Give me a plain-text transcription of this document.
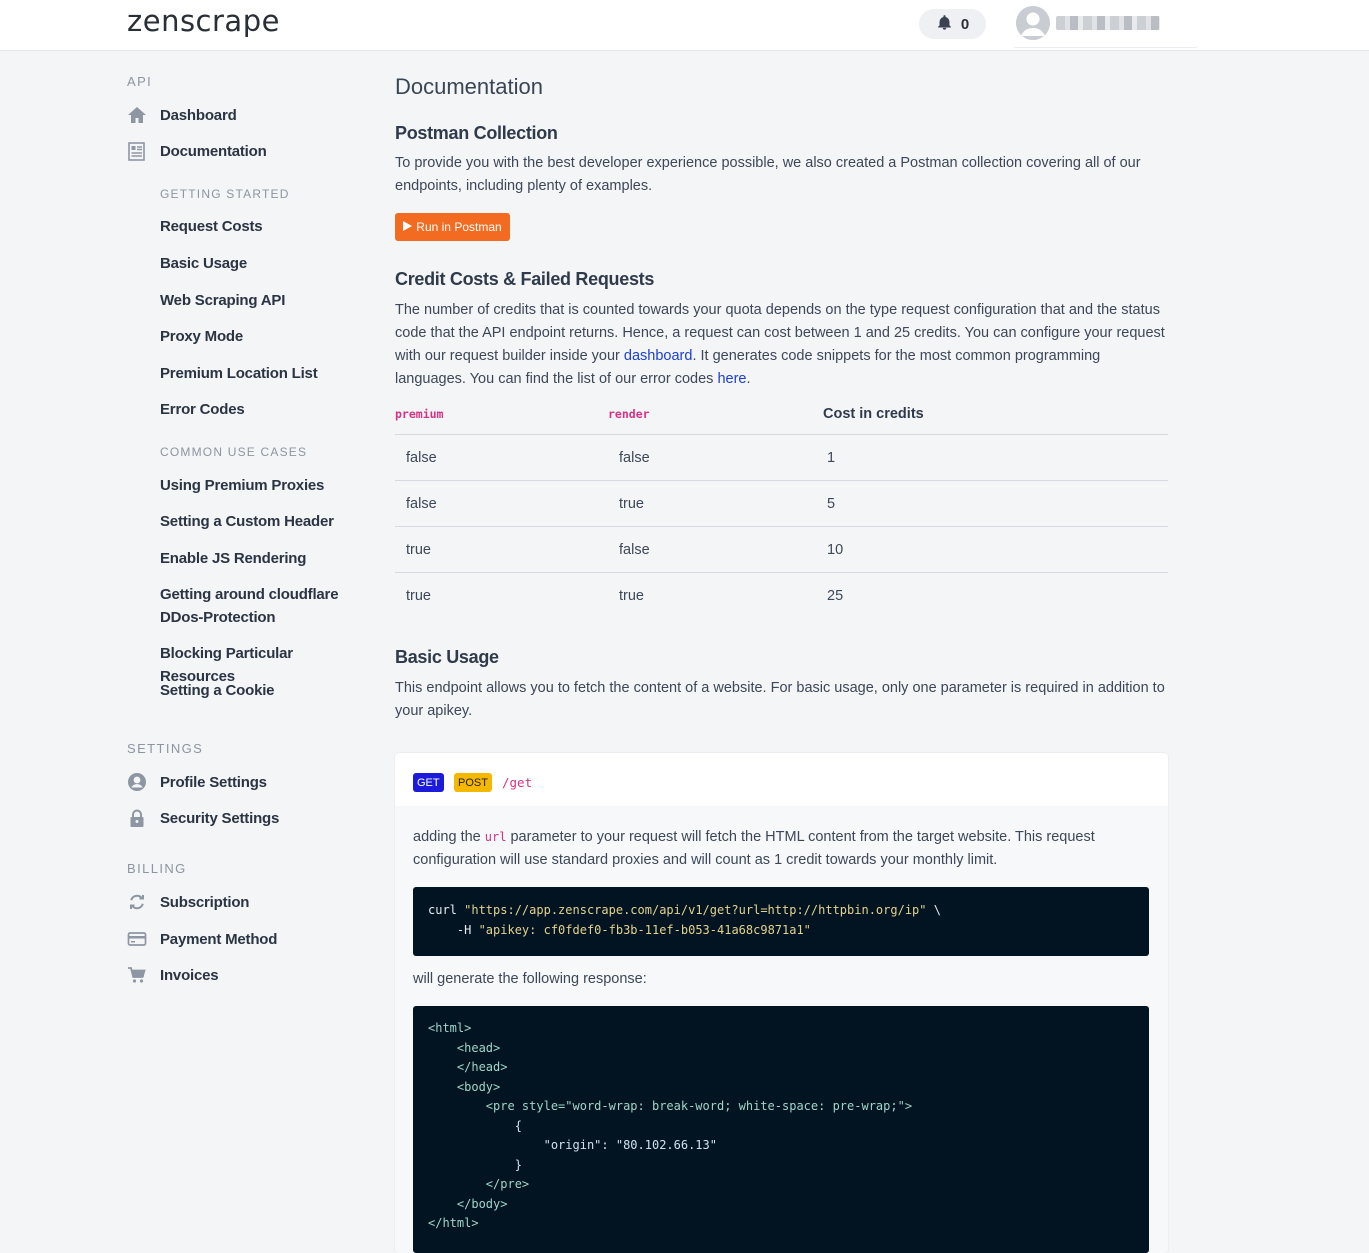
zenscrape	0
API
Dashboard
Documentation
GETTING STARTED
Request Costs
Basic Usage
Web Scraping API
Proxy Mode
Premium Location List
Error Codes
COMMON USE CASES
Using Premium Proxies
Setting a Custom Header
Enable JS Rendering
Getting around cloudflare DDos-Protection
Blocking Particular Resources
Setting a Cookie
SETTINGS
Profile Settings
Security Settings
BILLING
Subscription
Payment Method
Invoices
Documentation
Postman Collection
To provide you with the best developer experience possible, we also created a Postman collection covering all of our endpoints, including plenty of examples.
Run in Postman
Credit Costs & Failed Requests
The number of credits that is counted towards your quota depends on the type request configuration that and the status code that the API endpoint returns. Hence, a request can cost between 1 and 25 credits. You can configure your request with our request builder inside your dashboard. It generates code snippets for the most common programming languages. You can find the list of our error codes here.
premium	render	Cost in credits
false	false	1
false	true	5
true	false	10
true	true	25
Basic Usage
This endpoint allows you to fetch the content of a website. For basic usage, only one parameter is required in addition to your apikey.
GET	POST	/get
adding the url parameter to your request will fetch the HTML content from the target website. This request configuration will use standard proxies and will count as 1 credit towards your monthly limit.
curl "https://app.zenscrape.com/api/v1/get?url=http://httpbin.org/ip" \
-H "apikey: cf0fdef0-fb3b-11ef-b053-41a68c9871a1"
will generate the following response:
<html>
<head>
</head>
<body>
<pre style="word-wrap: break-word; white-space: pre-wrap;">
{
"origin": "80.102.66.13"
}
</pre>
</body>
</html>
